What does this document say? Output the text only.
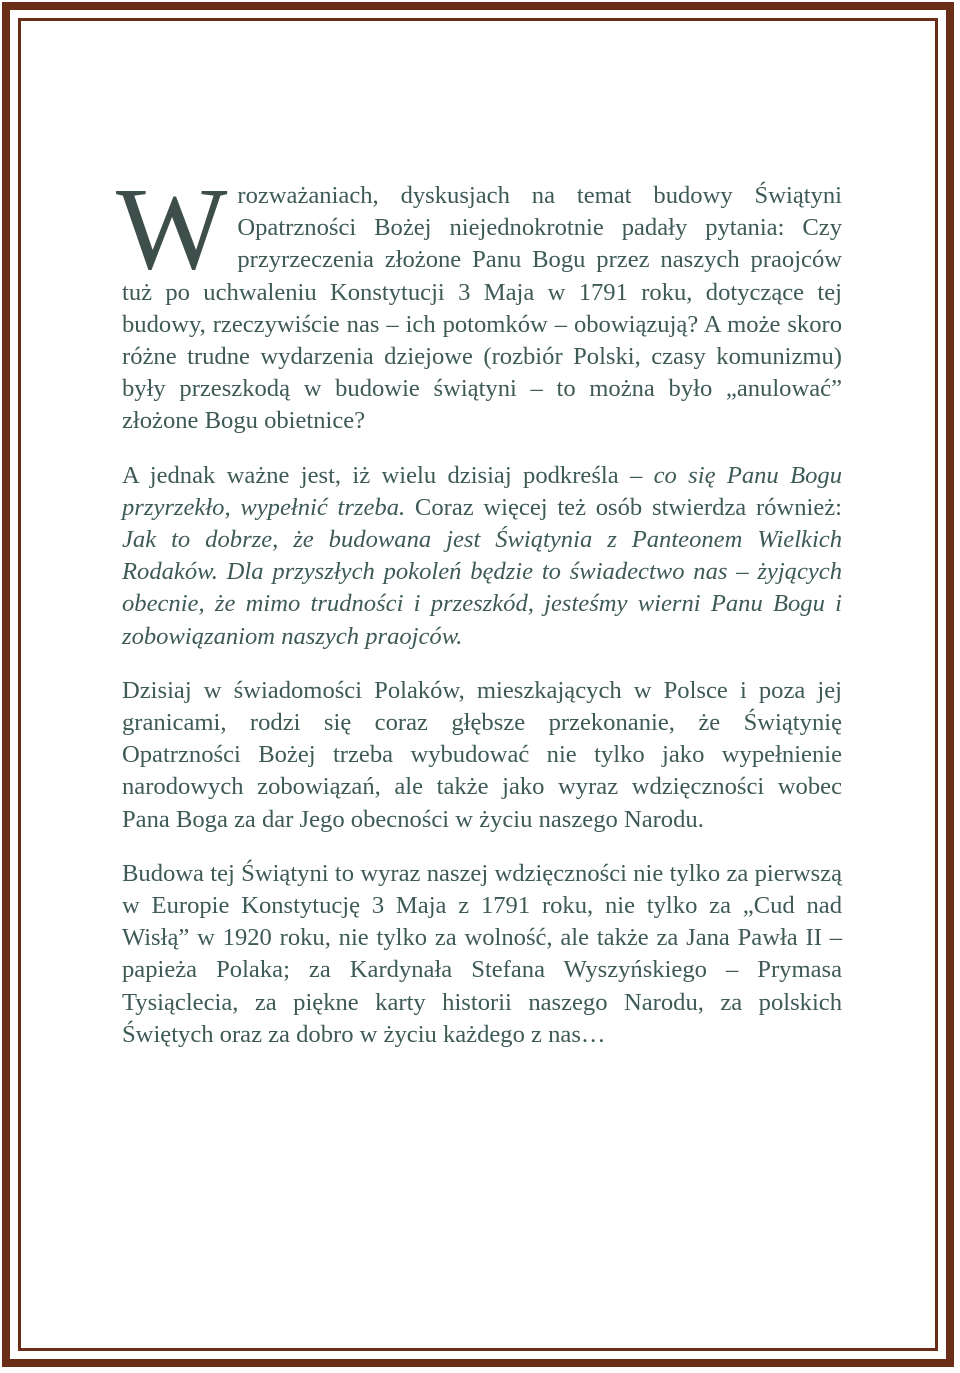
Wrozważaniach, dyskusjach na temat budowy Świątyni Opatrzności Bożej niejednokrotnie padały pytania: Czy przyrzeczenia złożone Panu Bogu przez naszych praojców tuż po uchwaleniu Konstytucji 3 Maja w 1791 roku, dotyczące tej budowy, rzeczywiście nas – ich potomków – obowiązują? A może skoro różne trudne wydarzenia dziejowe (rozbiór Polski, czasy komunizmu) były przeszkodą w budowie świątyni – to można było „anulować” złożone Bogu obietnice?

A jednak ważne jest, iż wielu dzisiaj podkreśla – co się Panu Bogu przyrzekło, wypełnić trzeba. Coraz więcej też osób stwierdza również: Jak to dobrze, że budowana jest Świątynia z Panteonem Wielkich Rodaków. Dla przyszłych pokoleń będzie to świadectwo nas – żyjących obecnie, że mimo trudności i przeszkód, jesteśmy wierni Panu Bogu i zobowiązaniom naszych praojców.

Dzisiaj w świadomości Polaków, mieszkających w Polsce i poza jej granicami, rodzi się coraz głębsze przekonanie, że Świątynię Opatrzności Bożej trzeba wybudować nie tylko jako wypełnienie narodowych zobowiązań, ale także jako wyraz wdzięczności wobec Pana Boga za dar Jego obecności w życiu naszego Narodu.

Budowa tej Świątyni to wyraz naszej wdzięczności nie tylko za pierwszą w Europie Konstytucję 3 Maja z 1791 roku, nie tylko za „Cud nad Wisłą” w 1920 roku, nie tylko za wolność, ale także za Jana Pawła II – papieża Polaka; za Kardynała Stefana Wyszyńskiego – Prymasa Tysiąclecia, za piękne karty historii naszego Narodu, za polskich Świętych oraz za dobro w życiu każdego z nas…
